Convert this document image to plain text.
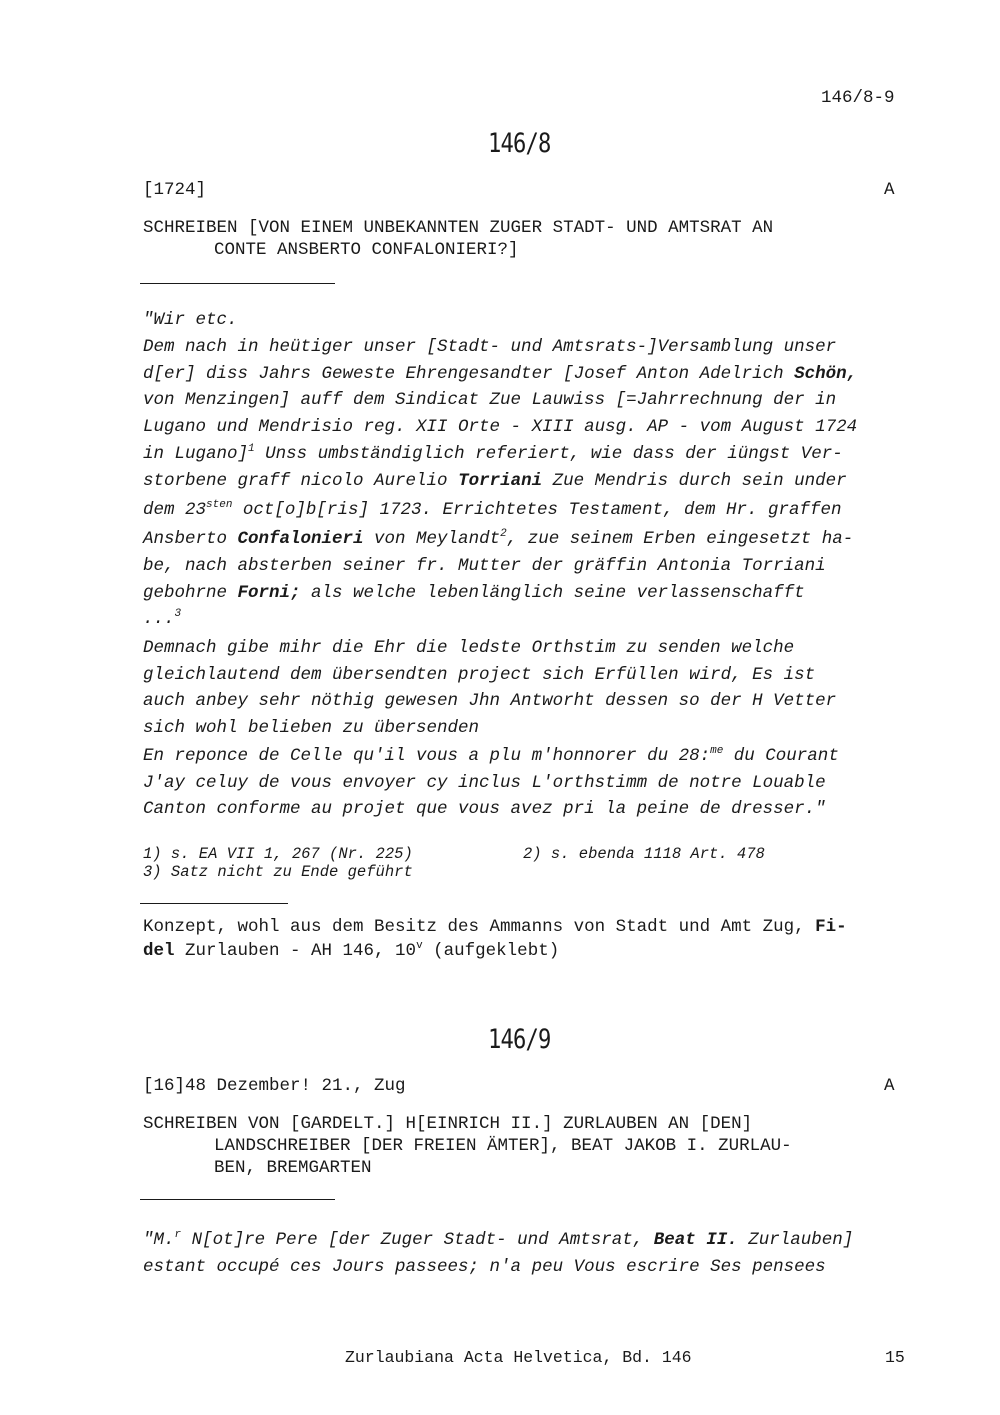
146/8-9
146/8
[1724]	A
SCHREIBEN [VON EINEM UNBEKANNTEN ZUGER STADT- UND AMTSRAT AN
CONTE ANSBERTO CONFALONIERI?]
"Wir etc.
Dem nach in heütiger unser [Stadt- und Amtsrats-]Versamblung unser
d[er] diss Jahrs Geweste Ehrengesandter [Josef Anton Adelrich Schön,
von Menzingen] auff dem Sindicat Zue Lauwiss [=Jahrrechnung der in
Lugano und Mendrisio reg. XII Orte - XIII ausg. AP - vom August 1724
in Lugano]$^1$ Unss umbständiglich referiert, wie dass der iüngst Ver-
storbene graff nicolo Aurelio Torriani Zue Mendris durch sein under
dem $23^{sten}$ oct[o]b[ris] 1723. Errichtetes Testament, dem Hr. graffen
Ansberto Confalonieri von Meylandt$^2$, zue seinem Erben eingesetzt ha-
be, nach absterben seiner fr. Mutter der gräffin Antonia Torriani
gebohrne Forni; als welche lebenlänglich seine verlassenschafft
...$^3$
Demnach gibe mihr die Ehr die ledste Orthstim zu senden welche
gleichlautend dem übersendten project sich Erfüllen wird, Es ist
auch anbey sehr nöthig gewesen Jhn Antworht dessen so der H Vetter
sich wohl belieben zu übersenden
En reponce de Celle qu'il vous a plu m'honnorer du 28:$^{me}$ du Courant
J'ay celuy de vous envoyer cy inclus L'orthstimm de notre Louable
Canton conforme au projet que vous avez pri la peine de dresser."
1) s. EA VII 1, 267 (Nr. 225)	2) s. ebenda 1118 Art. 478
3) Satz nicht zu Ende geführt
Konzept, wohl aus dem Besitz des Ammanns von Stadt und Amt Zug, Fi-
del Zurlauben - AH 146, 10$^v$ (aufgeklebt)
146/9
[16]48 Dezember! 21., Zug	A
SCHREIBEN VON [GARDELT.] H[EINRICH II.] ZURLAUBEN AN [DEN]
LANDSCHREIBER [DER FREIEN ÄMTER], BEAT JAKOB I. ZURLAU-
BEN, BREMGARTEN
"M.$^r$ N[ot]re Pere [der Zuger Stadt- und Amtsrat, Beat II. Zurlauben]
estant occupé ces Jours passees; n'a peu Vous escrire Ses pensees
Zurlaubiana Acta Helvetica, Bd. 146	15
